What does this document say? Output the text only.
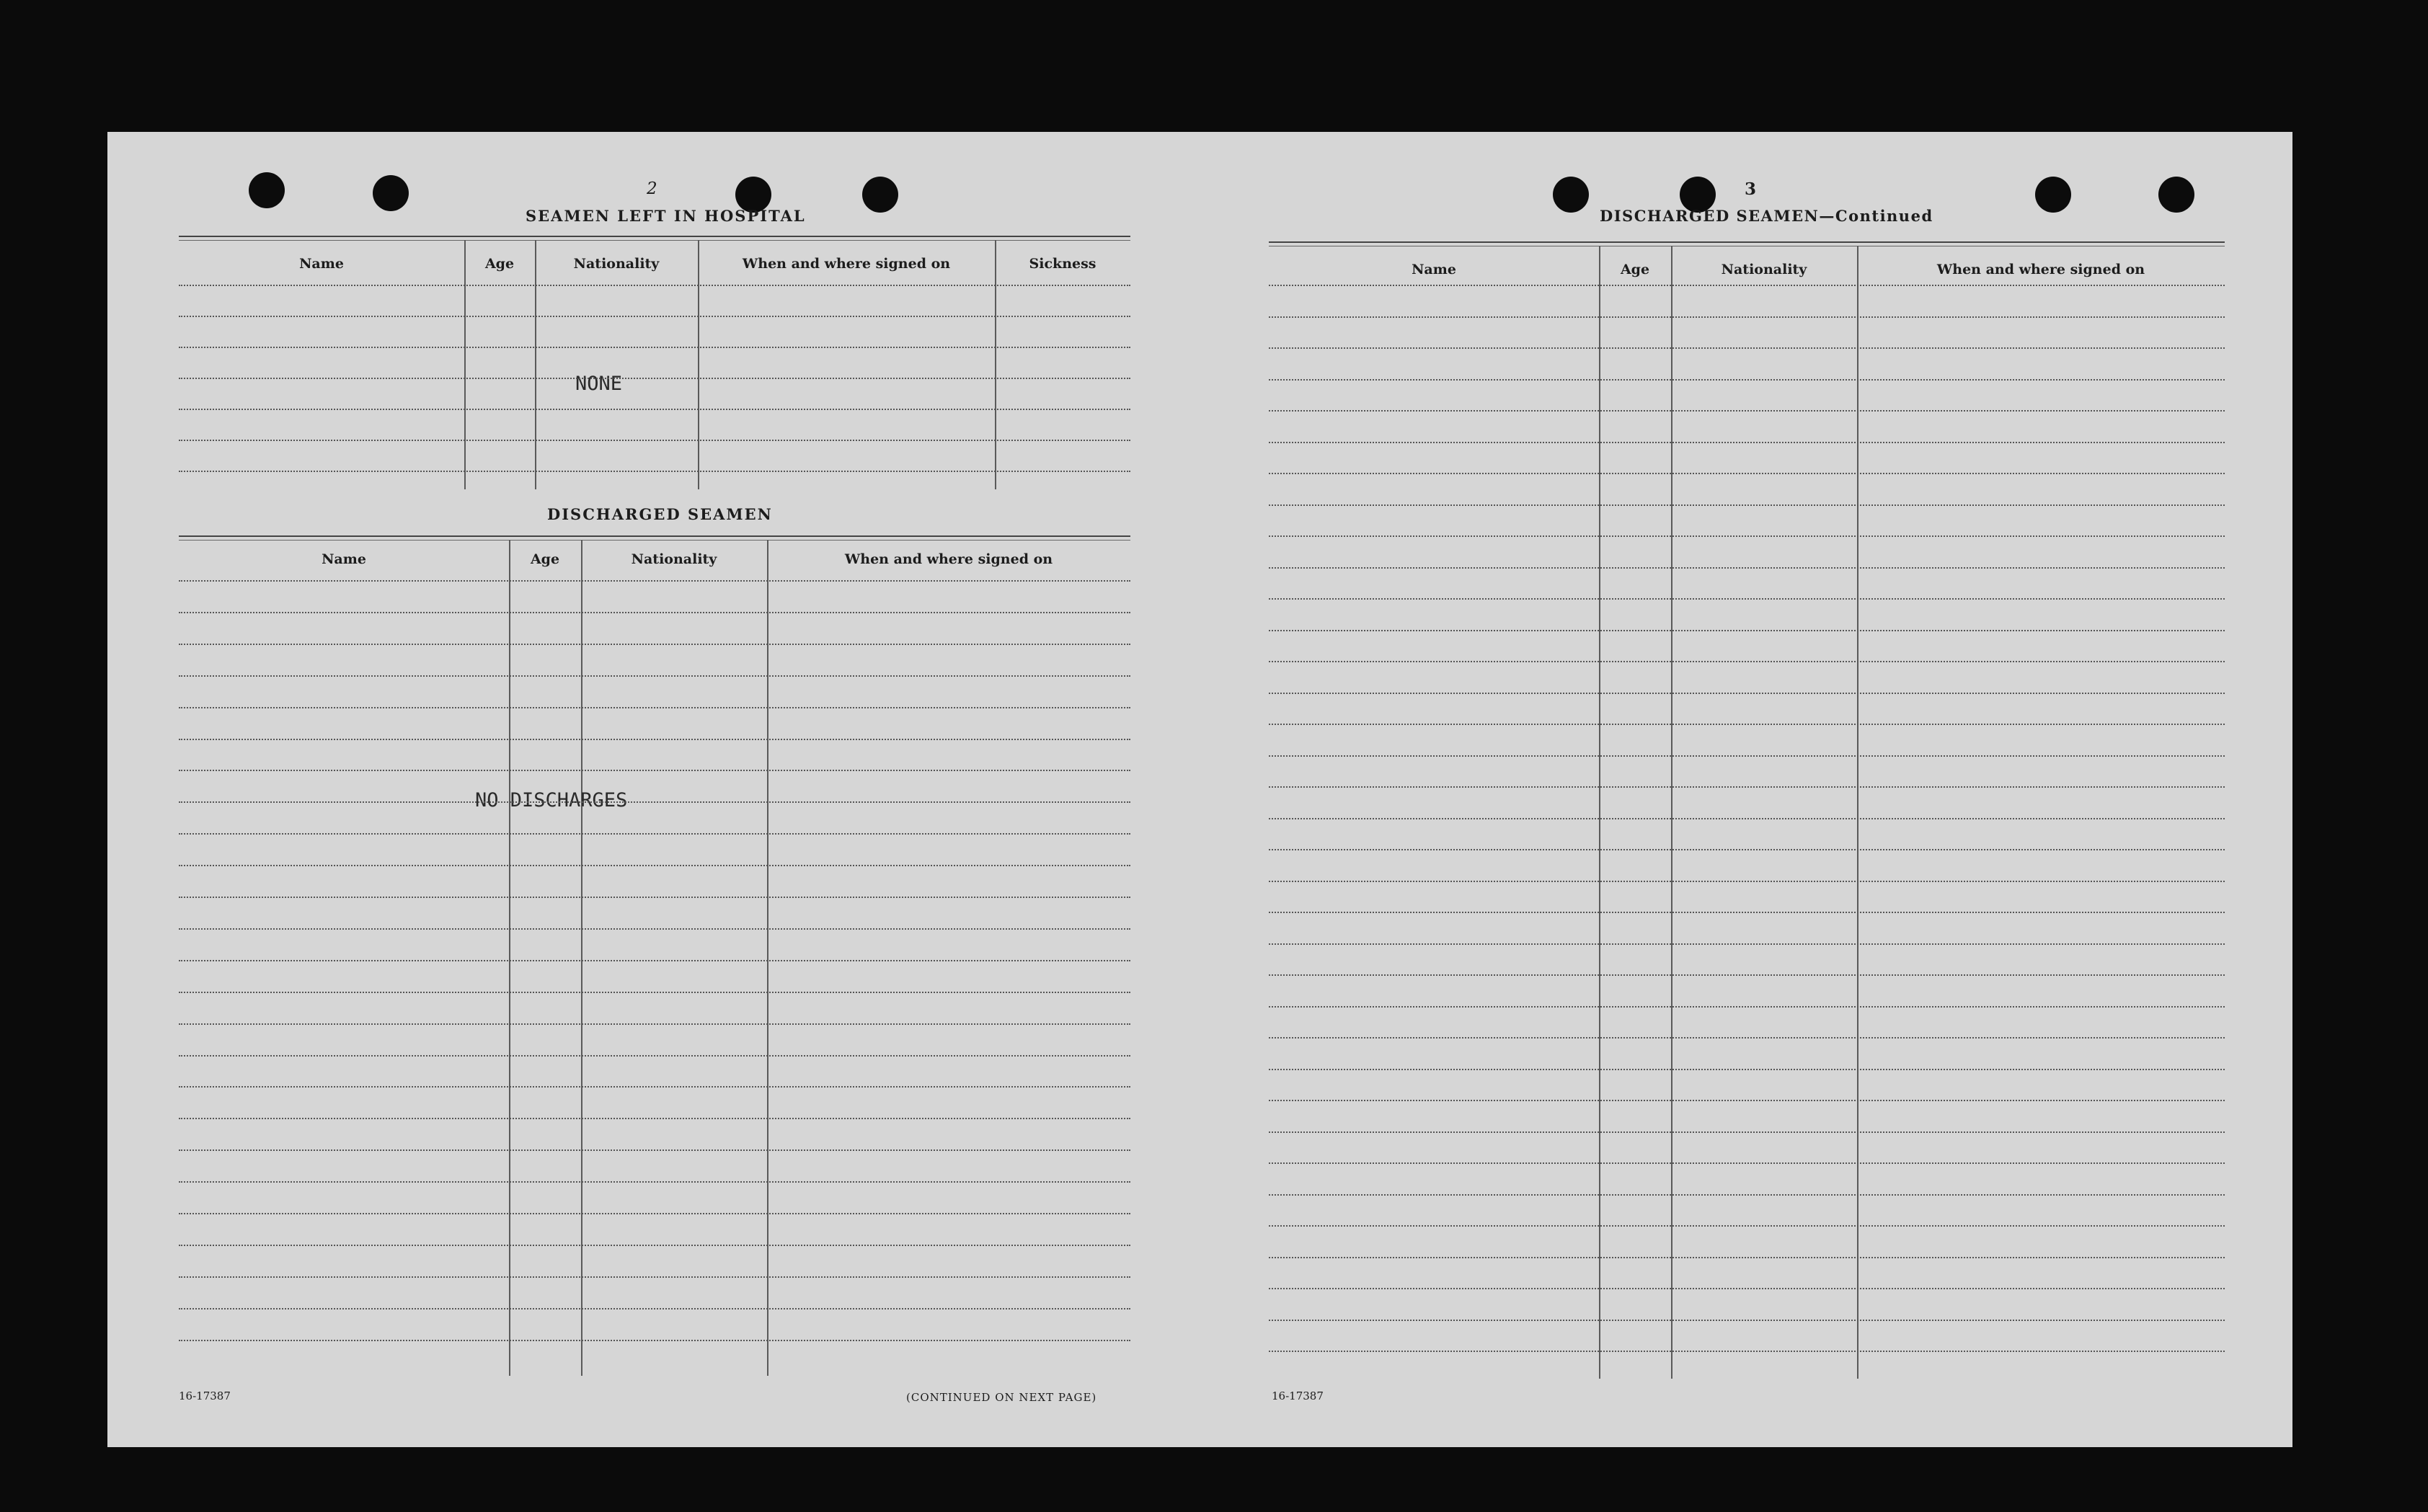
2
SEAMEN LEFT IN HOSPITAL
Name	Age	Nationality	When and where signed on	Sickness
NONE
DISCHARGED SEAMEN
Name	Age	Nationality	When and where signed on
NO DISCHARGES
16-17387	(CONTINUED ON NEXT PAGE)
3
DISCHARGED SEAMEN—Continued
Name	Age	Nationality	When and where signed on
16-17387
